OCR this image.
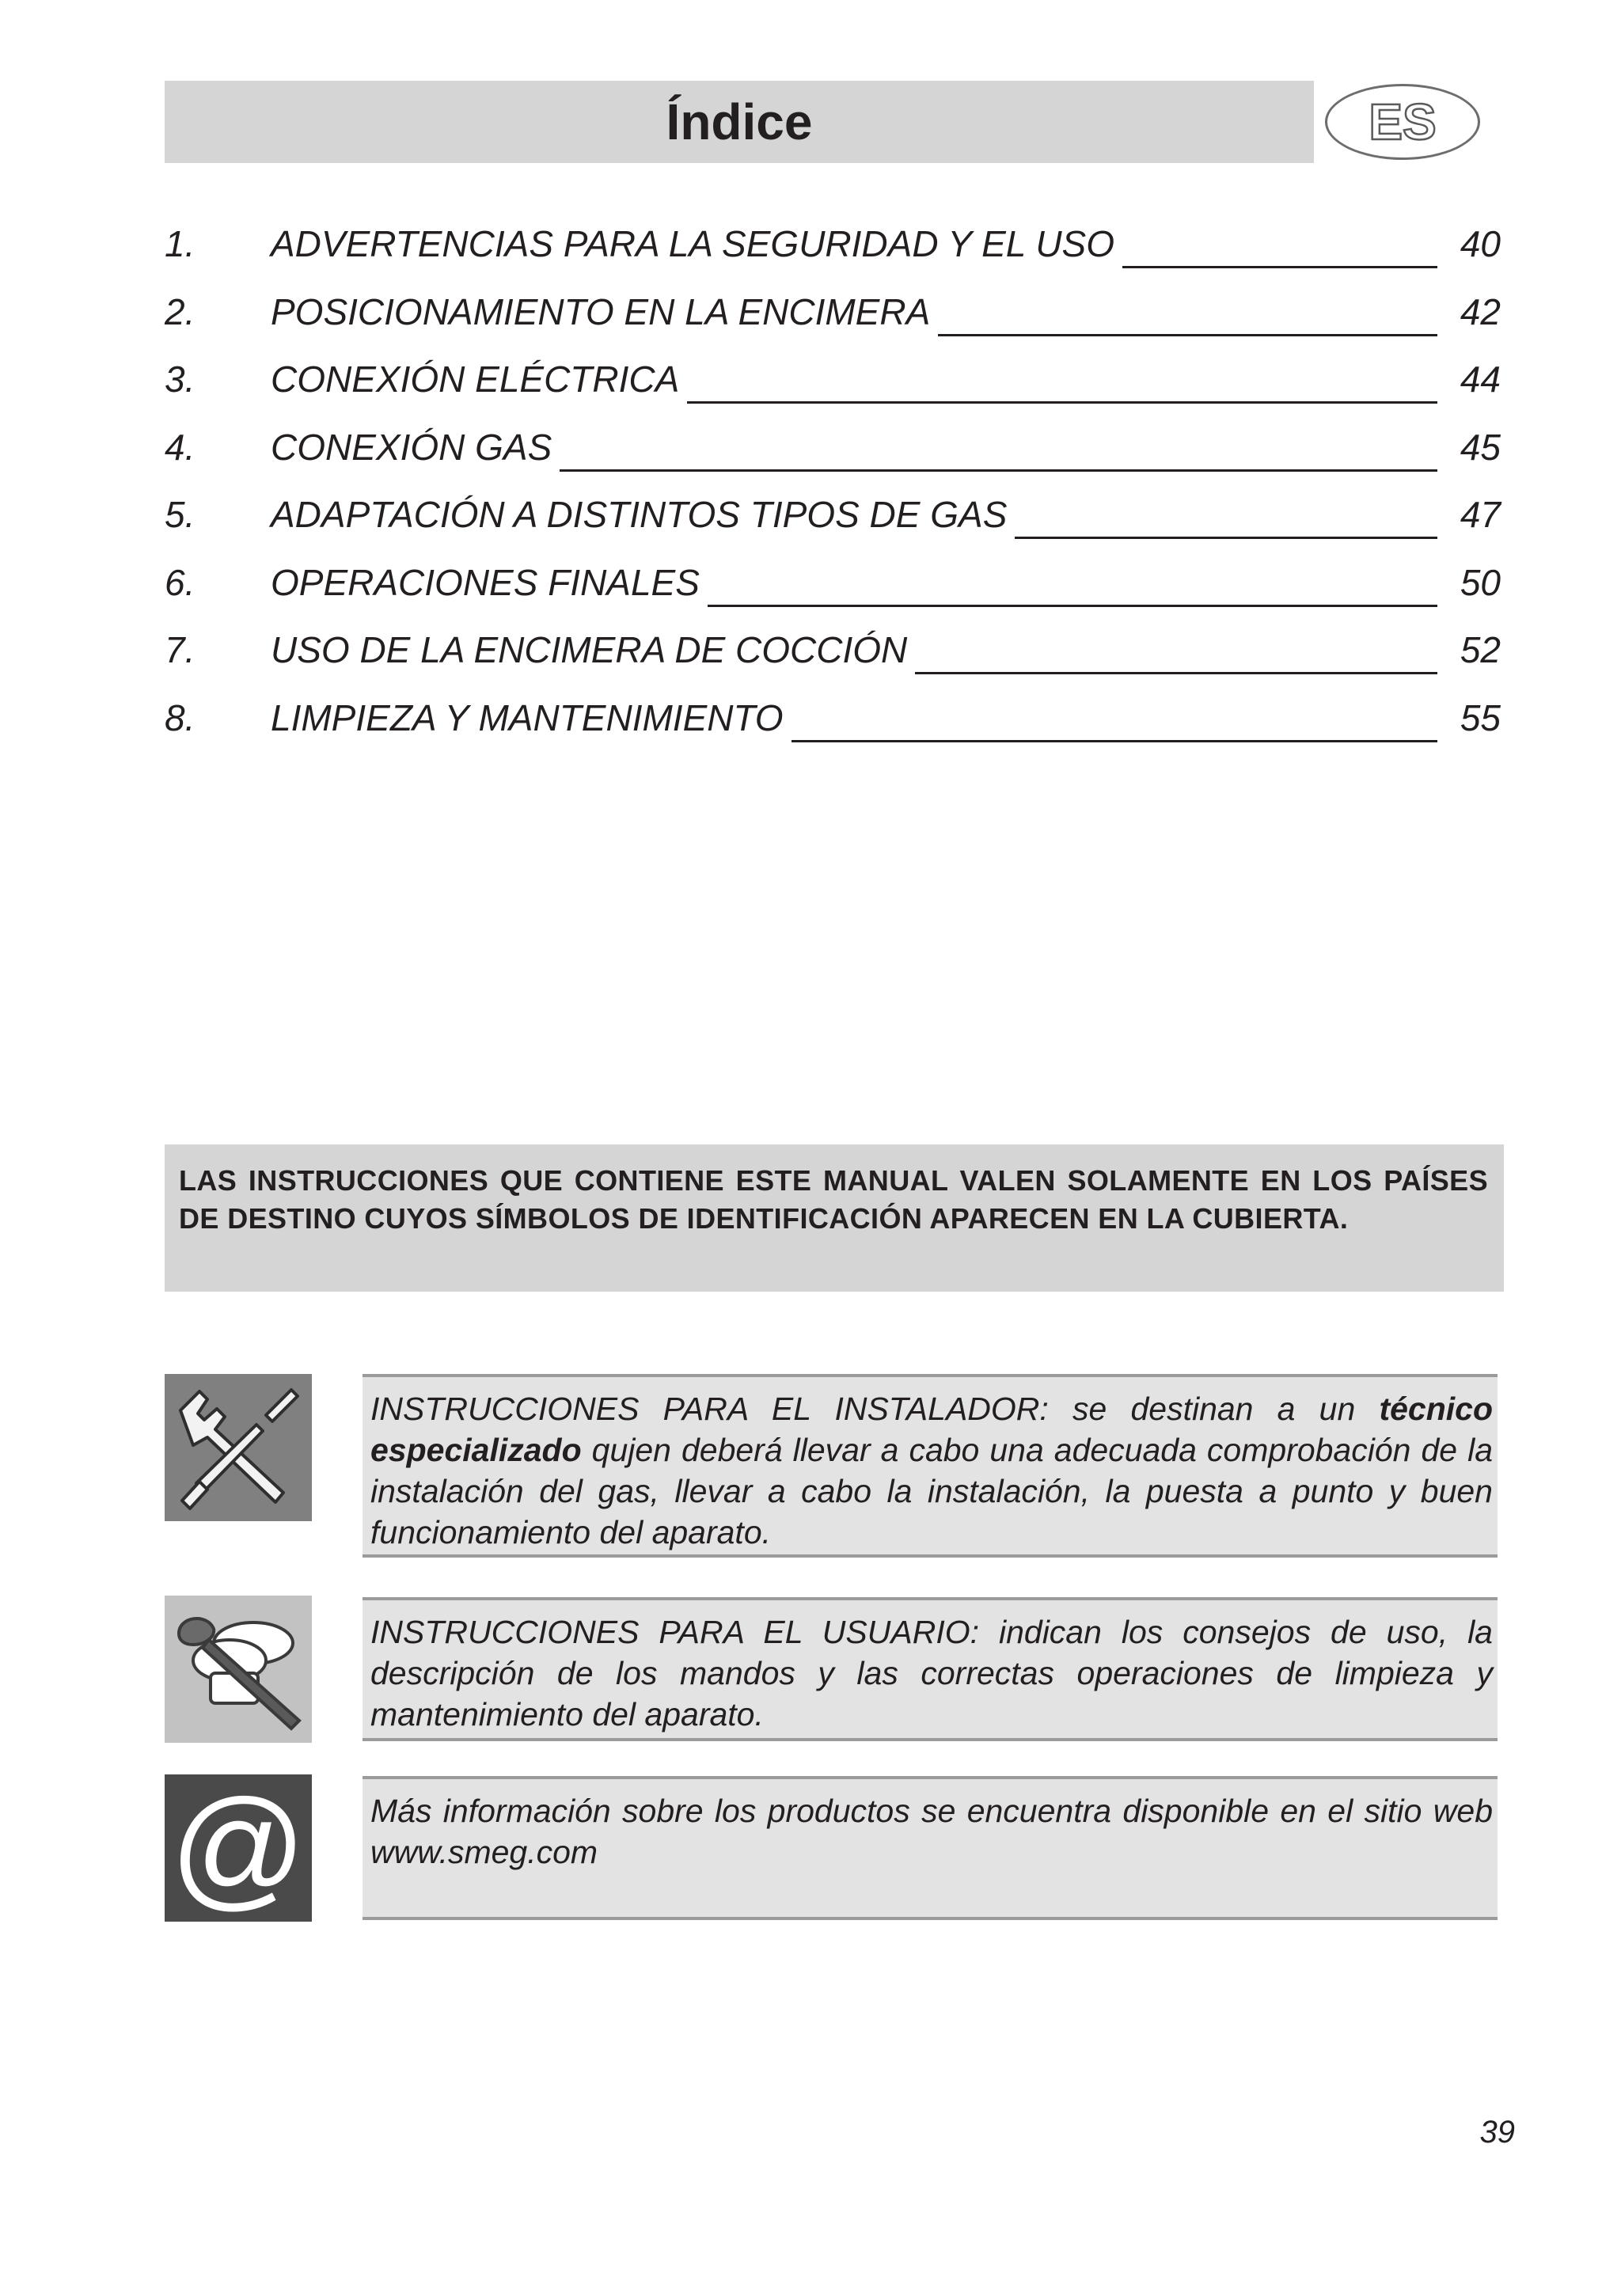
Índice	ES
1. ADVERTENCIAS PARA LA SEGURIDAD Y EL USO	40
2. POSICIONAMIENTO EN LA ENCIMERA	42
3. CONEXIÓN ELÉCTRICA	44
4. CONEXIÓN GAS	45
5. ADAPTACIÓN A DISTINTOS TIPOS DE GAS	47
6. OPERACIONES FINALES	50
7. USO DE LA ENCIMERA DE COCCIÓN	52
8. LIMPIEZA Y MANTENIMIENTO	55
LAS INSTRUCCIONES QUE CONTIENE ESTE MANUAL VALEN SOLAMENTE EN LOS PAÍSES DE DESTINO CUYOS SÍMBOLOS DE IDENTIFICACIÓN APARECEN EN LA CUBIERTA.
INSTRUCCIONES PARA EL INSTALADOR: se destinan a un técnico especializado qujen deberá llevar a cabo una adecuada comprobación de la instalación del gas, llevar a cabo la instalación, la puesta a punto y buen funcionamiento del aparato.
INSTRUCCIONES PARA EL USUARIO: indican los consejos de uso, la descripción de los mandos y las correctas operaciones de limpieza y mantenimiento del aparato.
@ Más información sobre los productos se encuentra disponible en el sitio web www.smeg.com
39
